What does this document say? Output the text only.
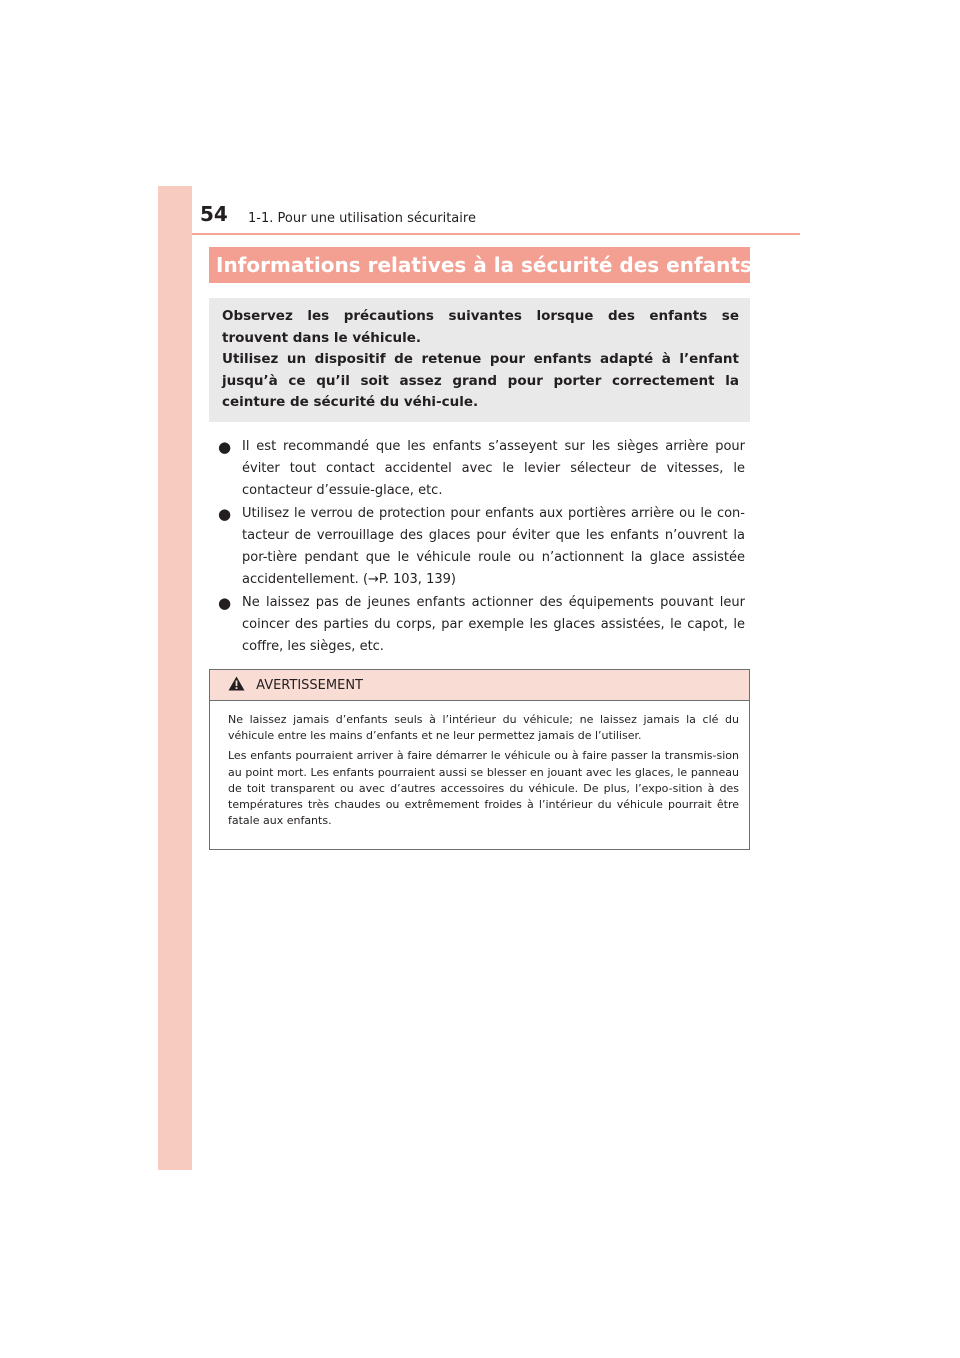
54 1-1. Pour une utilisation sécuritaire
Informations relatives à la sécurité des enfants

Observez les précautions suivantes lorsque des enfants se trouvent dans le véhicule.

Utilisez un dispositif de retenue pour enfants adapté à l’enfant jusqu’à ce qu’il soit assez grand pour porter correctement la ceinture de sécurité du véhi-cule.

● Il est recommandé que les enfants s’asseyent sur les sièges arrière pour éviter tout contact accidentel avec le levier sélecteur de vitesses, le contacteur d’essuie-glace, etc.
● Utilisez le verrou de protection pour enfants aux portières arrière ou le con-tacteur de verrouillage des glaces pour éviter que les enfants n’ouvrent la por-tière pendant que le véhicule roule ou n’actionnent la glace assistée accidentellement. (→P. 103, 139)
● Ne laissez pas de jeunes enfants actionner des équipements pouvant leur coincer des parties du corps, par exemple les glaces assistées, le capot, le coffre, les sièges, etc.
AVERTISSEMENT

Ne laissez jamais d’enfants seuls à l’intérieur du véhicule; ne laissez jamais la clé du véhicule entre les mains d’enfants et ne leur permettez jamais de l’utiliser.

Les enfants pourraient arriver à faire démarrer le véhicule ou à faire passer la transmis-sion au point mort. Les enfants pourraient aussi se blesser en jouant avec les glaces, le panneau de toit transparent ou avec d’autres accessoires du véhicule. De plus, l’expo-sition à des températures très chaudes ou extrêmement froides à l’intérieur du véhicule pourrait être fatale aux enfants.
